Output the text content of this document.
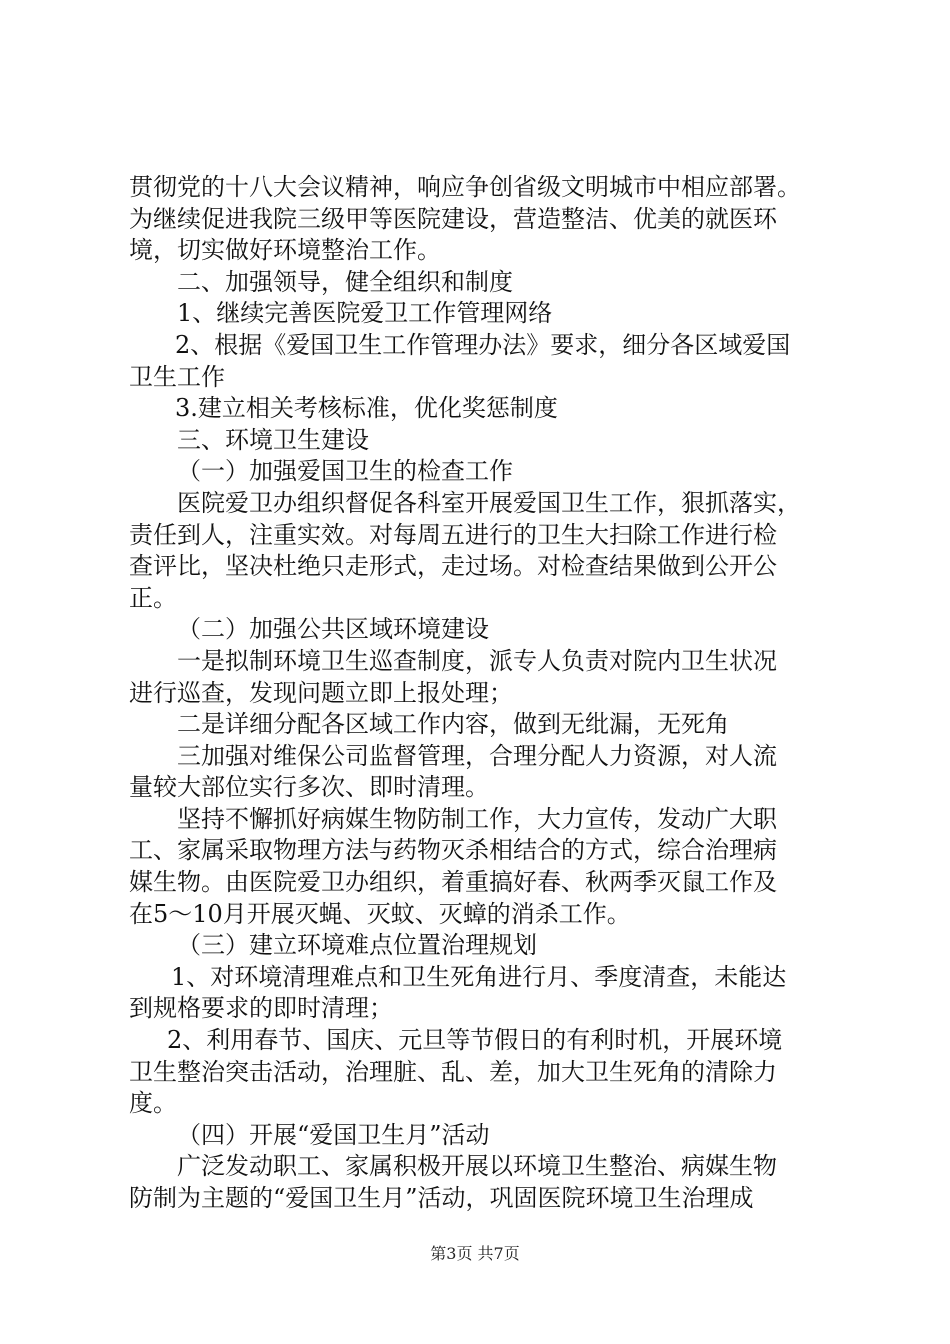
贯彻党的十八大会议精神，响应争创省级文明城市中相应部署。
为继续促进我院三级甲等医院建设，营造整洁、优美的就医环
境，切实做好环境整治工作。
二、加强领导，健全组织和制度
1、继续完善医院爱卫工作管理网络
2、根据《爱国卫生工作管理办法》要求，细分各区域爱国
卫生工作
3.建立相关考核标准，优化奖惩制度
三、环境卫生建设
（一）加强爱国卫生的检查工作
医院爱卫办组织督促各科室开展爱国卫生工作，狠抓落实，
责任到人，注重实效。对每周五进行的卫生大扫除工作进行检
查评比，坚决杜绝只走形式，走过场。对检查结果做到公开公
正。
（二）加强公共区域环境建设
一是拟制环境卫生巡查制度，派专人负责对院内卫生状况
进行巡查，发现问题立即上报处理；
二是详细分配各区域工作内容，做到无纰漏，无死角
三加强对维保公司监督管理，合理分配人力资源，对人流
量较大部位实行多次、即时清理。
坚持不懈抓好病媒生物防制工作，大力宣传，发动广大职
工、家属采取物理方法与药物灭杀相结合的方式，综合治理病
媒生物。由医院爱卫办组织，着重搞好春、秋两季灭鼠工作及
在5～10月开展灭蝇、灭蚊、灭蟑的消杀工作。
（三）建立环境难点位置治理规划
1、对环境清理难点和卫生死角进行月、季度清查，未能达
到规格要求的即时清理；
2、利用春节、国庆、元旦等节假日的有利时机，开展环境
卫生整治突击活动，治理脏、乱、差，加大卫生死角的清除力
度。
（四）开展“爱国卫生月”活动
广泛发动职工、家属积极开展以环境卫生整治、病媒生物
防制为主题的“爱国卫生月”活动，巩固医院环境卫生治理成
第3页 共7页
